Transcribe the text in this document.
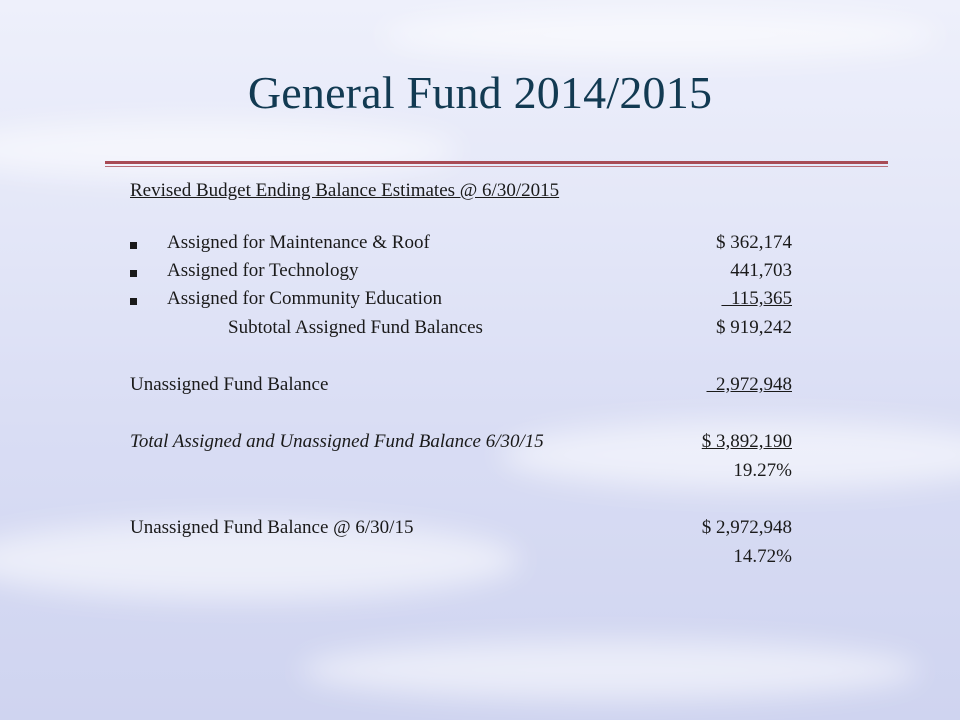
General Fund 2014/2015
Revised Budget Ending Balance Estimates @ 6/30/2015
Assigned for Maintenance & Roof	$ 362,174
Assigned for Technology	441,703
Assigned for Community Education	115,365
Subtotal Assigned Fund Balances	$ 919,242
Unassigned Fund Balance	2,972,948
Total Assigned and Unassigned Fund Balance 6/30/15	$ 3,892,190
19.27%
Unassigned Fund Balance @ 6/30/15	$ 2,972,948
14.72%
